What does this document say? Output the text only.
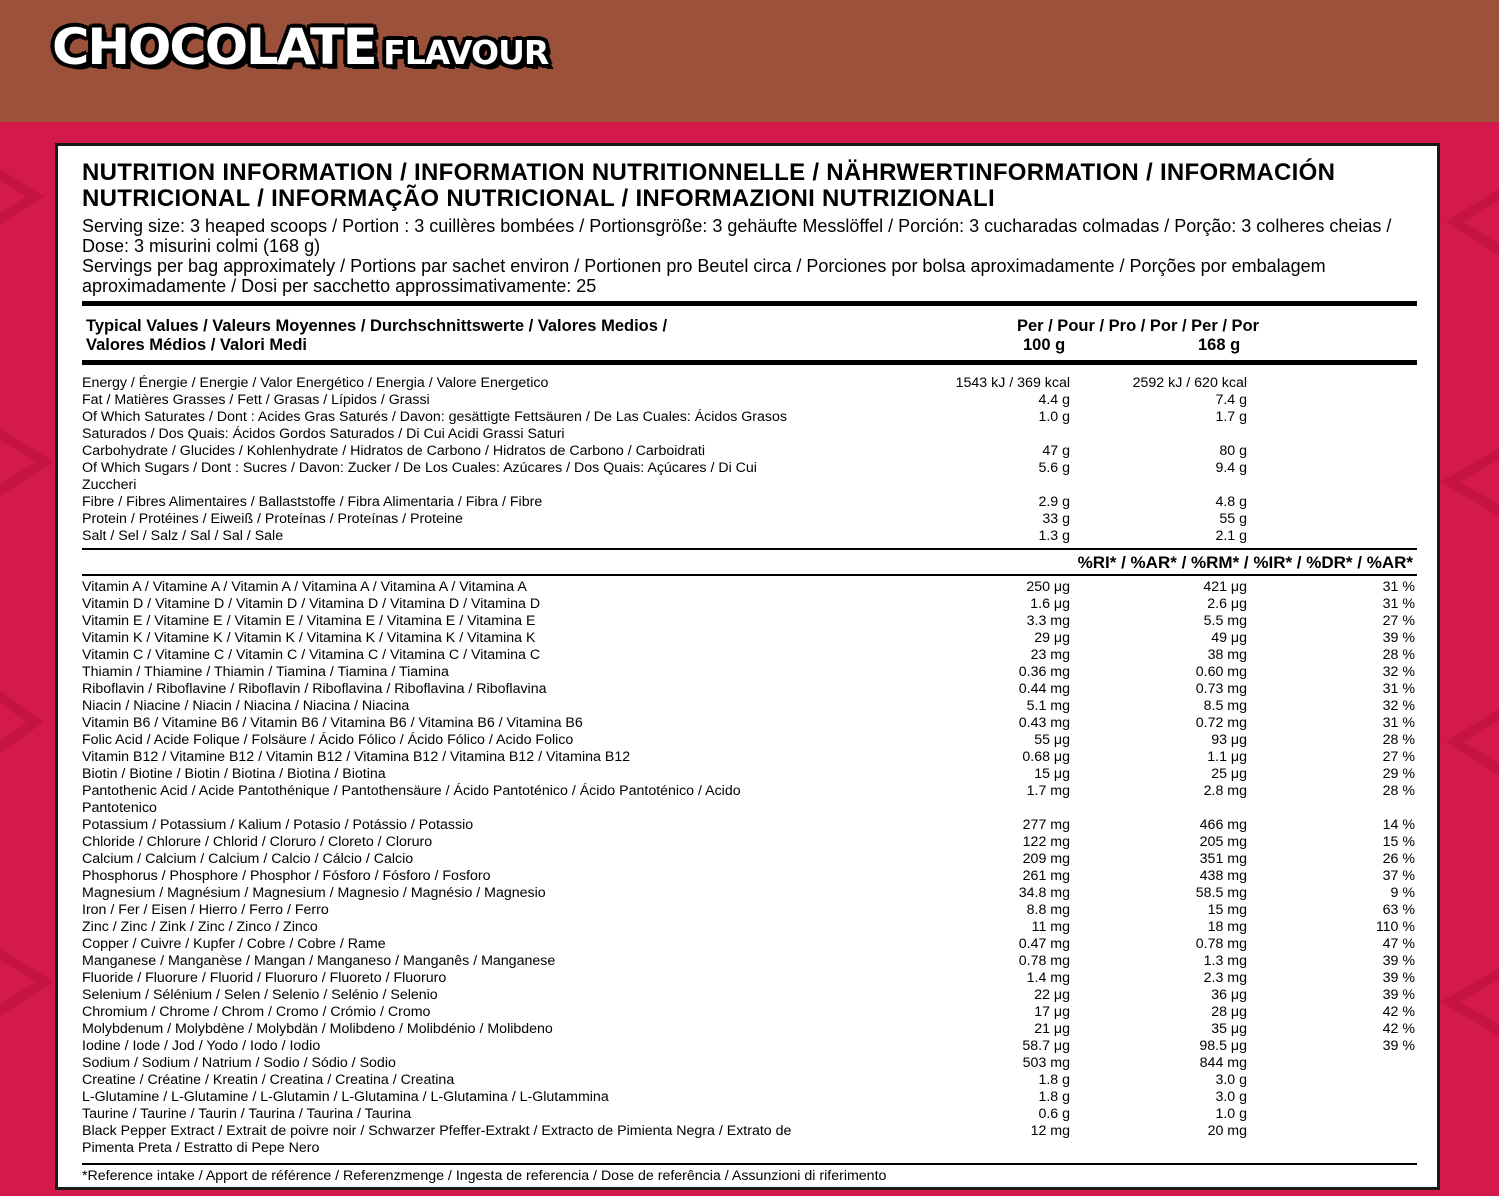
CHOCOLATE FLAVOUR
NUTRITION INFORMATION / INFORMATION NUTRITIONNELLE / NÄHRWERTINFORMATION / INFORMACIÓN NUTRICIONAL / INFORMAÇÃO NUTRICIONAL / INFORMAZIONI NUTRIZIONALI
Serving size: 3 heaped scoops / Portion : 3 cuillères bombées / Portionsgröße: 3 gehäufte Messlöffel / Porción: 3 cucharadas colmadas / Porção: 3 colheres cheias / Dose: 3 misurini colmi (168 g)
Servings per bag approximately / Portions par sachet environ / Portionen pro Beutel circa / Porciones por bolsa aproximadamente / Porções por embalagem aproximadamente / Dosi per sacchetto approssimativamente: 25
Typical Values / Valeurs Moyennes / Durchschnittswerte / Valores Medios / Valores Médios / Valori Medi
Per / Pour / Pro / Por / Per / Por
100 g	168 g
Energy / Énergie / Energie / Valor Energético / Energia / Valore Energetico	1543 kJ / 369 kcal	2592 kJ / 620 kcal
Fat / Matières Grasses / Fett / Grasas / Lípidos / Grassi	4.4 g	7.4 g
Of Which Saturates / Dont : Acides Gras Saturés / Davon: gesättigte Fettsäuren / De Las Cuales: Ácidos Grasos Saturados / Dos Quais: Ácidos Gordos Saturados / Di Cui Acidi Grassi Saturi
1.0 g	1.7 g
Carbohydrate / Glucides / Kohlenhydrate / Hidratos de Carbono / Hidratos de Carbono / Carboidrati	47 g	80 g
Of Which Sugars / Dont : Sucres / Davon: Zucker / De Los Cuales: Azúcares / Dos Quais: Açúcares / Di Cui Zuccheri
5.6 g	9.4 g
Fibre / Fibres Alimentaires / Ballaststoffe / Fibra Alimentaria / Fibra / Fibre	2.9 g	4.8 g
Protein / Protéines / Eiweiß / Proteínas / Proteínas / Proteine	33 g	55 g
Salt / Sel / Salz / Sal / Sal / Sale	1.3 g	2.1 g
%RI* / %AR* / %RM* / %IR* / %DR* / %AR*
Vitamin A / Vitamine A / Vitamin A / Vitamina A / Vitamina A / Vitamina A	250 μg	421 μg	31 %
Vitamin D / Vitamine D / Vitamin D / Vitamina D / Vitamina D / Vitamina D	1.6 μg	2.6 μg	31 %
Vitamin E / Vitamine E / Vitamin E / Vitamina E / Vitamina E / Vitamina E	3.3 mg	5.5 mg	27 %
Vitamin K / Vitamine K / Vitamin K / Vitamina K / Vitamina K / Vitamina K	29 μg	49 μg	39 %
Vitamin C / Vitamine C / Vitamin C / Vitamina C / Vitamina C / Vitamina C	23 mg	38 mg	28 %
Thiamin / Thiamine / Thiamin / Tiamina / Tiamina / Tiamina	0.36 mg	0.60 mg	32 %
Riboflavin / Riboflavine / Riboflavin / Riboflavina / Riboflavina / Riboflavina	0.44 mg	0.73 mg	31 %
Niacin / Niacine / Niacin / Niacina / Niacina / Niacina	5.1 mg	8.5 mg	32 %
Vitamin B6 / Vitamine B6 / Vitamin B6 / Vitamina B6 / Vitamina B6 / Vitamina B6	0.43 mg	0.72 mg	31 %
Folic Acid / Acide Folique / Folsäure / Ácido Fólico / Ácido Fólico / Acido Folico	55 μg	93 μg	28 %
Vitamin B12 / Vitamine B12 / Vitamin B12 / Vitamina B12 / Vitamina B12 / Vitamina B12	0.68 μg	1.1 μg	27 %
Biotin / Biotine / Biotin / Biotina / Biotina / Biotina	15 μg	25 μg	29 %
Pantothenic Acid / Acide Pantothénique / Pantothensäure / Ácido Pantoténico / Ácido Pantoténico / Acido Pantotenico
1.7 mg	2.8 mg	28 %
Potassium / Potassium / Kalium / Potasio / Potássio / Potassio	277 mg	466 mg	14 %
Chloride / Chlorure / Chlorid / Cloruro / Cloreto / Cloruro	122 mg	205 mg	15 %
Calcium / Calcium / Calcium / Calcio / Cálcio / Calcio	209 mg	351 mg	26 %
Phosphorus / Phosphore / Phosphor / Fósforo / Fósforo / Fosforo	261 mg	438 mg	37 %
Magnesium / Magnésium / Magnesium / Magnesio / Magnésio / Magnesio	34.8 mg	58.5 mg	9 %
Iron / Fer / Eisen / Hierro / Ferro / Ferro	8.8 mg	15 mg	63 %
Zinc / Zinc / Zink / Zinc / Zinco / Zinco	11 mg	18 mg	110 %
Copper / Cuivre / Kupfer / Cobre / Cobre / Rame	0.47 mg	0.78 mg	47 %
Manganese / Manganèse / Mangan / Manganeso / Manganês / Manganese	0.78 mg	1.3 mg	39 %
Fluoride / Fluorure / Fluorid / Fluoruro / Fluoreto / Fluoruro	1.4 mg	2.3 mg	39 %
Selenium / Sélénium / Selen / Selenio / Selénio / Selenio	22 μg	36 μg	39 %
Chromium / Chrome / Chrom / Cromo / Crómio / Cromo	17 μg	28 μg	42 %
Molybdenum / Molybdène / Molybdän / Molibdeno / Molibdénio / Molibdeno	21 μg	35 μg	42 %
Iodine / Iode / Jod / Yodo / Iodo / Iodio	58.7 μg	98.5 μg	39 %
Sodium / Sodium / Natrium / Sodio / Sódio / Sodio	503 mg	844 mg
Creatine / Créatine / Kreatin / Creatina / Creatina / Creatina	1.8 g	3.0 g
L-Glutamine / L-Glutamine / L-Glutamin / L-Glutamina / L-Glutamina / L-Glutammina	1.8 g	3.0 g
Taurine / Taurine / Taurin / Taurina / Taurina / Taurina	0.6 g	1.0 g
Black Pepper Extract / Extrait de poivre noir / Schwarzer Pfeffer-Extrakt / Extracto de Pimienta Negra / Extrato de Pimenta Preta / Estratto di Pepe Nero
12 mg	20 mg
*Reference intake / Apport de référence / Referenzmenge / Ingesta de referencia / Dose de referência / Assunzioni di riferimento
